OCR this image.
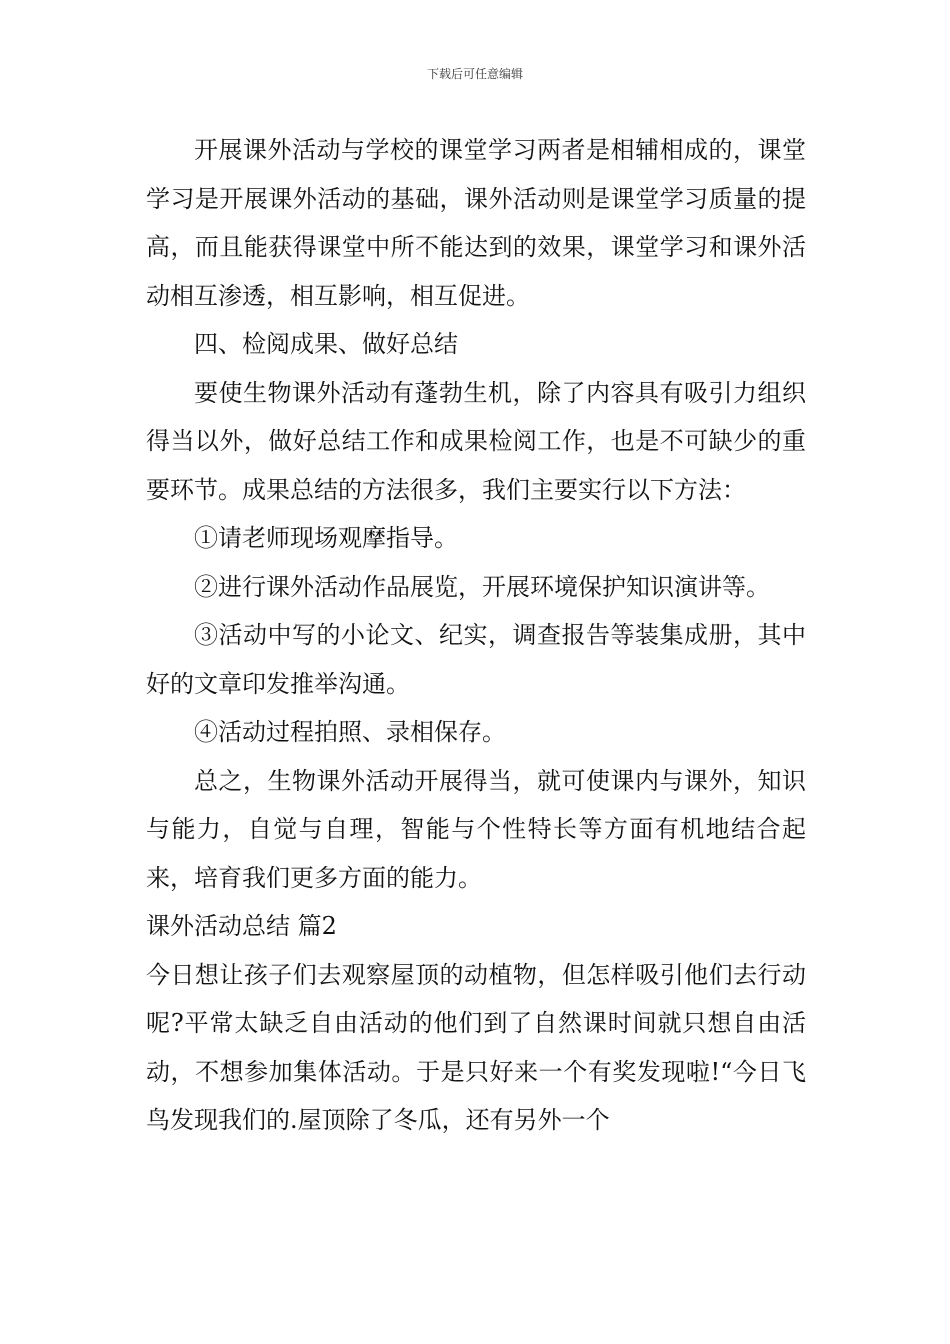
下载后可任意编辑

开展课外活动与学校的课堂学习两者是相辅相成的，课堂学习是开展课外活动的基础，课外活动则是课堂学习质量的提高，而且能获得课堂中所不能达到的效果，课堂学习和课外活动相互渗透，相互影响，相互促进。

四、检阅成果、做好总结

要使生物课外活动有蓬勃生机，除了内容具有吸引力组织得当以外，做好总结工作和成果检阅工作，也是不可缺少的重要环节。成果总结的方法很多，我们主要实行以下方法：

①请老师现场观摩指导。

②进行课外活动作品展览，开展环境保护知识演讲等。

③活动中写的小论文、纪实，调查报告等装集成册，其中好的文章印发推举沟通。

④活动过程拍照、录相保存。

总之，生物课外活动开展得当，就可使课内与课外，知识与能力，自觉与自理，智能与个性特长等方面有机地结合起来，培育我们更多方面的能力。

课外活动总结 篇2

今日想让孩子们去观察屋顶的动植物，但怎样吸引他们去行动呢?平常太缺乏自由活动的他们到了自然课时间就只想自由活动，不想参加集体活动。于是只好来一个有奖发现啦!“今日飞鸟发现我们的.屋顶除了冬瓜，还有另外一个
